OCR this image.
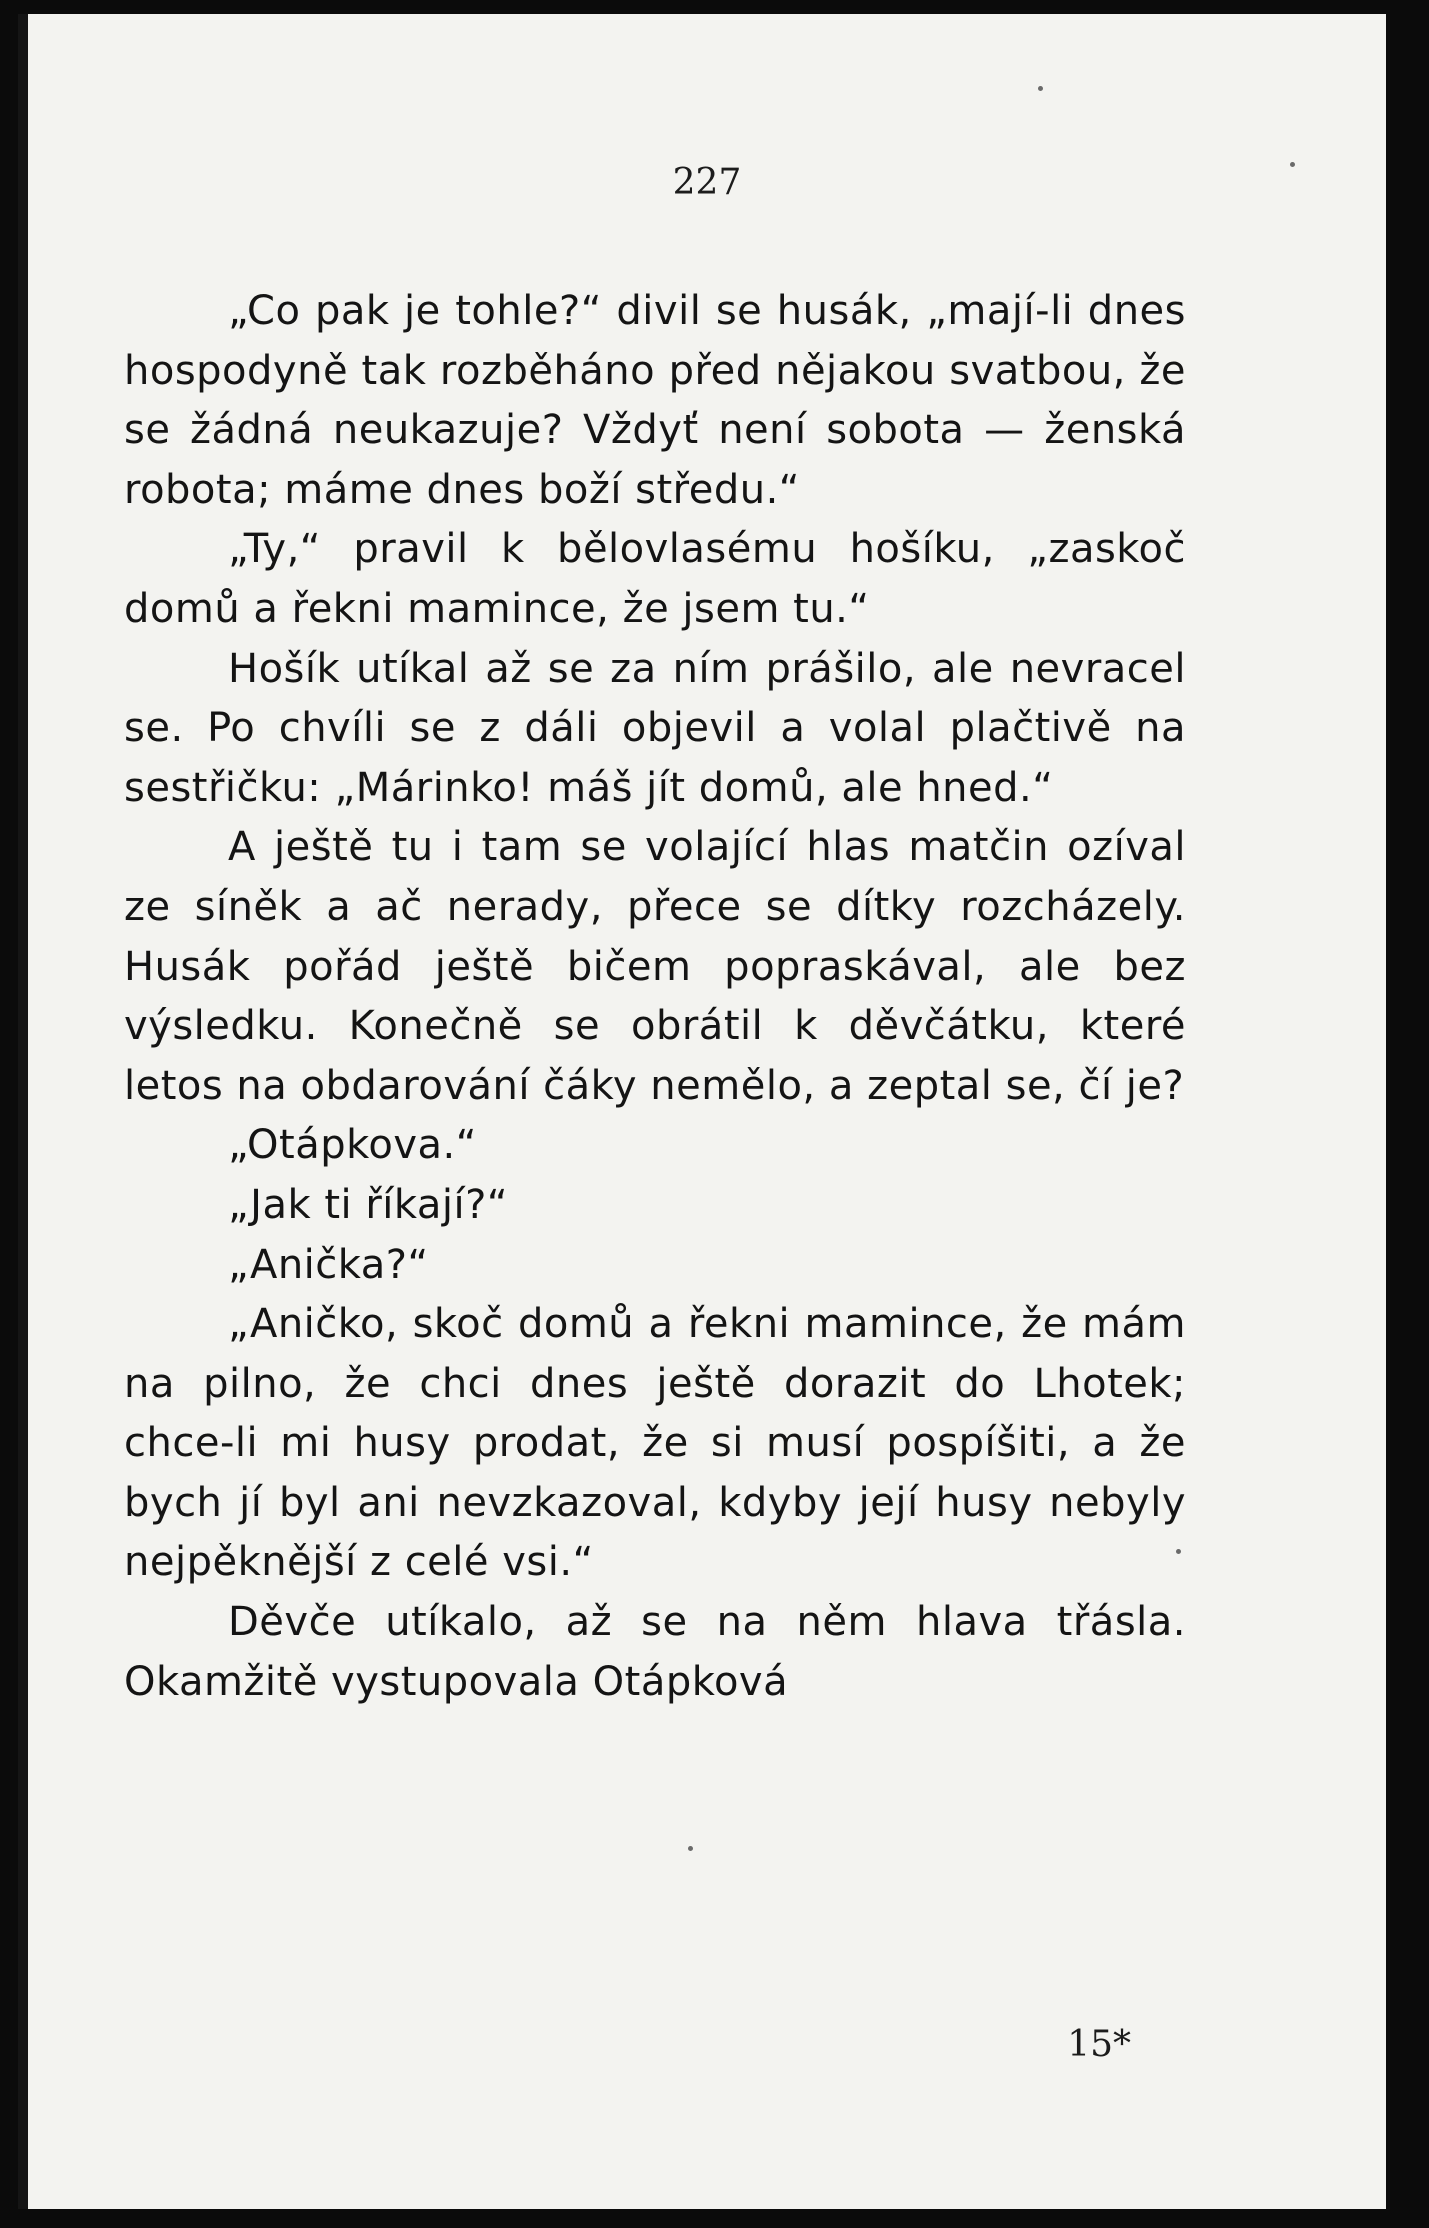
227

„Co pak je tohle?“ divil se husák, „mají-li dnes hospodyně tak rozběháno před nějakou svatbou, že se žádná neukazuje? Vždyť není sobota — ženská robota; máme dnes boží středu.“

„Ty,“ pravil k bělovlasému hošíku, „zaskoč domů a řekni mamince, že jsem tu.“

Hošík utíkal až se za ním prášilo, ale nevracel se. Po chvíli se z dáli objevil a volal plačtivě na sestřičku: „Márinko! máš jít domů, ale hned.“

A ještě tu i tam se volající hlas matčin ozíval ze síněk a ač nerady, přece se dítky rozcházely. Husák pořád ještě bičem popraskával, ale bez výsledku. Konečně se obrátil k děvčátku, které letos na obdarování čáky nemělo, a zeptal se, čí je?

„Otápkova.“

„Jak ti říkají?“

„Anička?“

„Aničko, skoč domů a řekni mamince, že mám na pilno, že chci dnes ještě dorazit do Lhotek; chce-li mi husy prodat, že si musí pospíšiti, a že bych jí byl ani nevzkazoval, kdyby její husy nebyly nejpěknější z celé vsi.“

Děvče utíkalo, až se na něm hlava třásla. Okamžitě vystupovala Otápková

15*
